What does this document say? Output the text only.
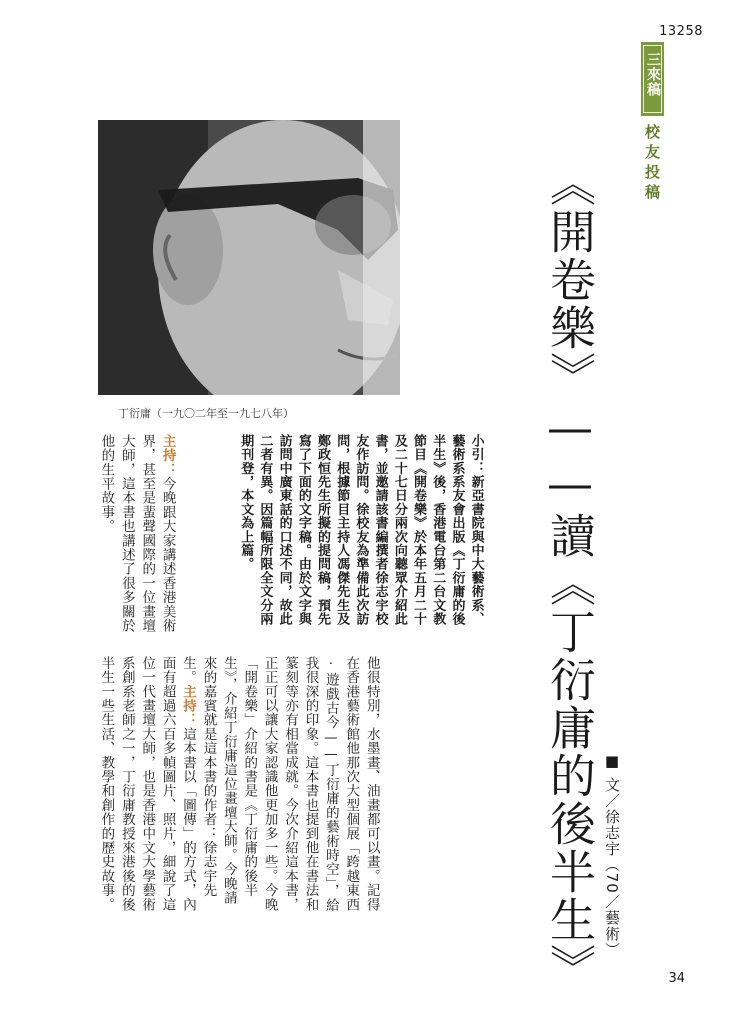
13258
三來稿
校友投稿
丁衍庸（一九〇二年至一九七八年）	《開卷樂》——讀《丁衍庸的後半生》 ■ 文／徐志宇（70／藝術）
小引：新亞書院與中大藝術系、藝術系系友會出版《丁衍庸的後半生》後，香港電台第二台文教節目《開卷樂》於本年五月二十及二十七日分兩次向聽眾介紹此書，並邀請該書編撰者徐志宇校友作訪問。徐校友為準備此次訪問，根據節目主持人馮傑先生及鄭政恒先生所擬的提問稿，預先寫了下面的文字稿。由於文字與訪問中廣東話的口述不同，故此二者有異。因篇幅所限全文分兩期刊登，本文為上篇。
主持：今晚跟大家講述香港美術界，甚至是蜚聲國際的一位畫壇大師，這本書也講述了很多關於他的生平故事。
他很特別，水墨畫、油畫都可以畫。記得在香港藝術館他那次大型個展「跨越東西·遊戲古今——丁衍庸的藝術時空」，給我很深的印象。這本書也提到他在書法和篆刻等亦有相當成就。今次介紹這本書，正正可以讓大家認識他更加多一些。今晚「開卷樂」介紹的書是《丁衍庸的後半生》，介紹丁衍庸這位畫壇大師。今晚請來的嘉賓就是這本書的作者：徐志宇先生。主持：這本書以「圖傳」的方式，內面有超過六百多幀圖片、照片，細說了這位一代畫壇大師，也是香港中文大學藝術系創系老師之一，丁衍庸教授來港後的後半生一些生活、教學和創作的歷史故事。
34
